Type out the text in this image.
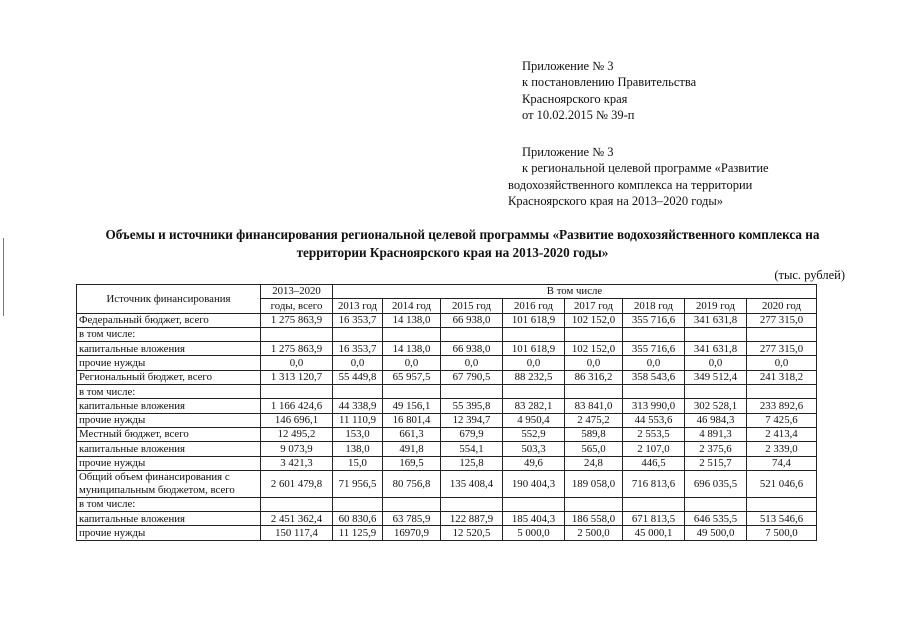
Приложение № 3
к постановлению Правительства
Красноярского края
от 10.02.2015 № 39-п
Приложение № 3
к региональной целевой программе «Развитие
водохозяйственного комплекса на территории
Красноярского края на 2013–2020 годы»
Объемы и источники финансирования региональной целевой программы «Развитие водохозяйственного комплекса на
территории Красноярского края на 2013-2020 годы»
(тыс. рублей)
Источник финансирования	2013–2020	В том числе							
	годы, всего	2013 год	2014 год	2015 год	2016 год	2017 год	2018 год	2019 год	2020 год
Федеральный бюджет, всего	1 275 863,9	16 353,7	14 138,0	66 938,0	101 618,9	102 152,0	355 716,6	341 631,8	277 315,0
в том числе:									
капитальные вложения	1 275 863,9	16 353,7	14 138,0	66 938,0	101 618,9	102 152,0	355 716,6	341 631,8	277 315,0
прочие нужды	0,0	0,0	0,0	0,0	0,0	0,0	0,0	0,0	0,0
Региональный бюджет, всего	1 313 120,7	55 449,8	65 957,5	67 790,5	88 232,5	86 316,2	358 543,6	349 512,4	241 318,2
в том числе:									
капитальные вложения	1 166 424,6	44 338,9	49 156,1	55 395,8	83 282,1	83 841,0	313 990,0	302 528,1	233 892,6
прочие нужды	146 696,1	11 110,9	16 801,4	12 394,7	4 950,4	2 475,2	44 553,6	46 984,3	7 425,6
Местный бюджет, всего	12 495,2	153,0	661,3	679,9	552,9	589,8	2 553,5	4 891,3	2 413,4
капитальные вложения	9 073,9	138,0	491,8	554,1	503,3	565,0	2 107,0	2 375,6	2 339,0
прочие нужды	3 421,3	15,0	169,5	125,8	49,6	24,8	446,5	2 515,7	74,4
Общий объем финансирования с муниципальным бюджетом, всего	2 601 479,8	71 956,5	80 756,8	135 408,4	190 404,3	189 058,0	716 813,6	696 035,5	521 046,6
в том числе:									
капитальные вложения	2 451 362,4	60 830,6	63 785,9	122 887,9	185 404,3	186 558,0	671 813,5	646 535,5	513 546,6
прочие нужды	150 117,4	11 125,9	16970,9	12 520,5	5 000,0	2 500,0	45 000,1	49 500,0	7 500,0
